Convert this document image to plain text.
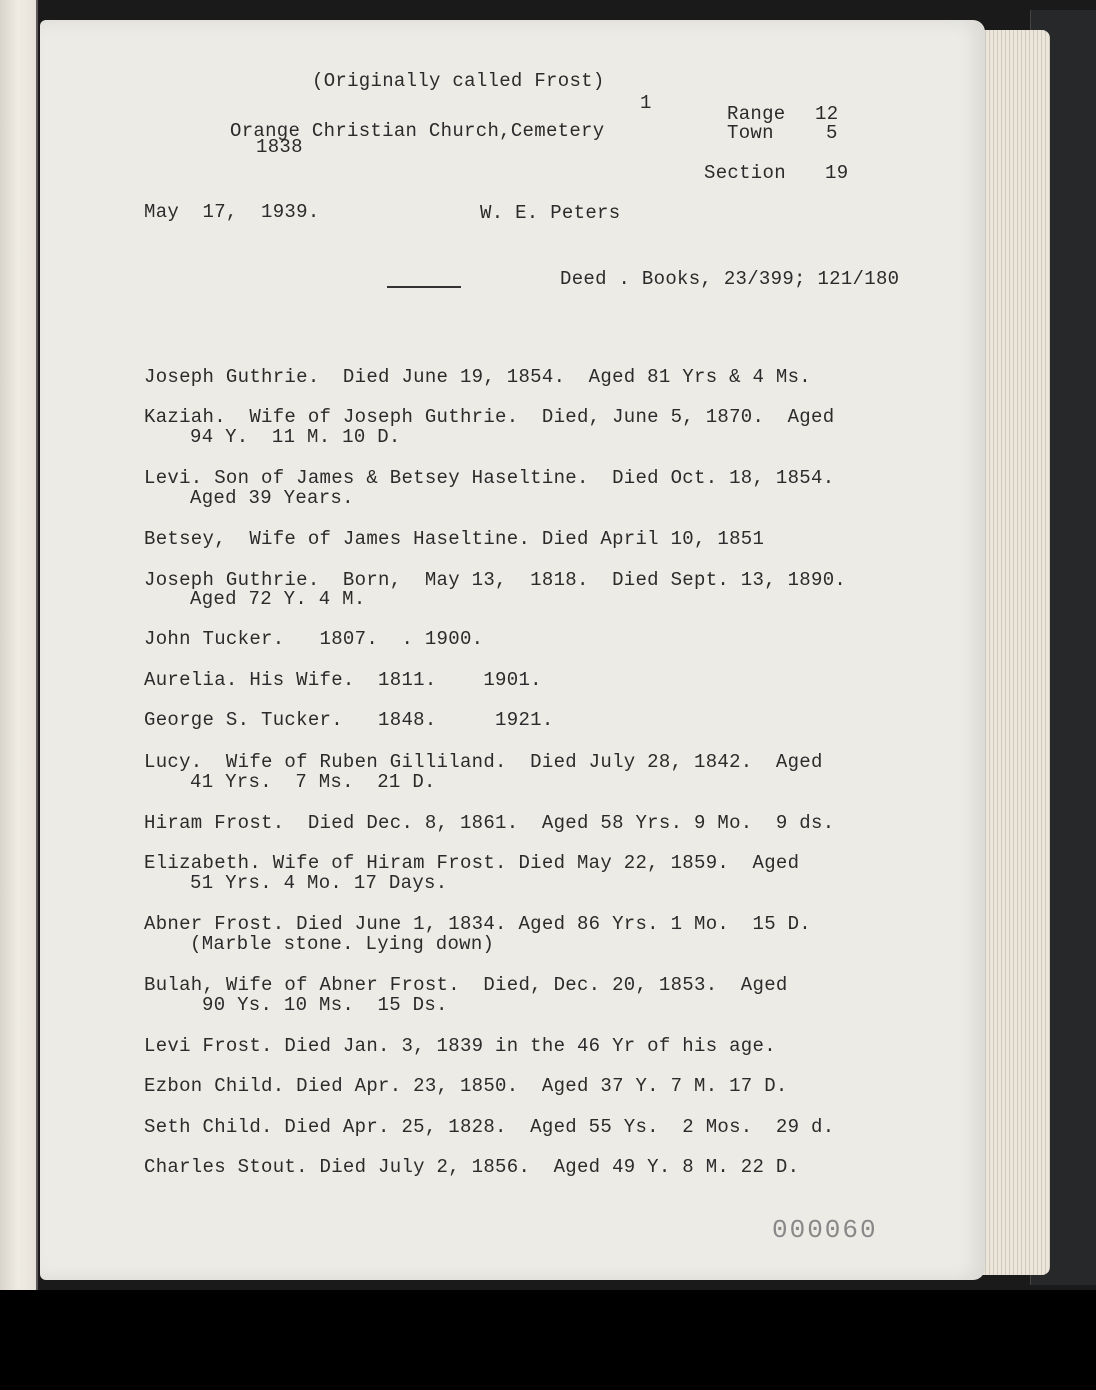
(Originally called Frost)
1
Orange Christian Church,Cemetery
1838
Range 12
Town	5
Section 19
May  17,  1939.	W. E. Peters
Deed . Books, 23/399; 121/180
Joseph Guthrie.  Died June 19, 1854.  Aged 81 Yrs & 4 Ms.
Kaziah.  Wife of Joseph Guthrie.  Died, June 5, 1870.  Aged
94 Y.  11 M. 10 D.
Levi. Son of James & Betsey Haseltine.  Died Oct. 18, 1854.
Aged 39 Years.
Betsey,  Wife of James Haseltine. Died April 10, 1851
Joseph Guthrie.  Born,  May 13,  1818.  Died Sept. 13, 1890.
Aged 72 Y. 4 M.
John Tucker.   1807.  . 1900.
Aurelia. His Wife.  1811.    1901.
George S. Tucker.   1848.     1921.
Lucy.  Wife of Ruben Gilliland.  Died July 28, 1842.  Aged
41 Yrs.  7 Ms.  21 D.
Hiram Frost.  Died Dec. 8, 1861.  Aged 58 Yrs. 9 Mo.  9 ds.
Elizabeth. Wife of Hiram Frost. Died May 22, 1859.  Aged
51 Yrs. 4 Mo. 17 Days.
Abner Frost. Died June 1, 1834. Aged 86 Yrs. 1 Mo.  15 D.
(Marble stone. Lying down)
Bulah, Wife of Abner Frost.  Died, Dec. 20, 1853.  Aged
90 Ys. 10 Ms.  15 Ds.
Levi Frost. Died Jan. 3, 1839 in the 46 Yr of his age.
Ezbon Child. Died Apr. 23, 1850.  Aged 37 Y. 7 M. 17 D.
Seth Child. Died Apr. 25, 1828.  Aged 55 Ys.  2 Mos.  29 d.
Charles Stout. Died July 2, 1856.  Aged 49 Y. 8 M. 22 D.
000060
